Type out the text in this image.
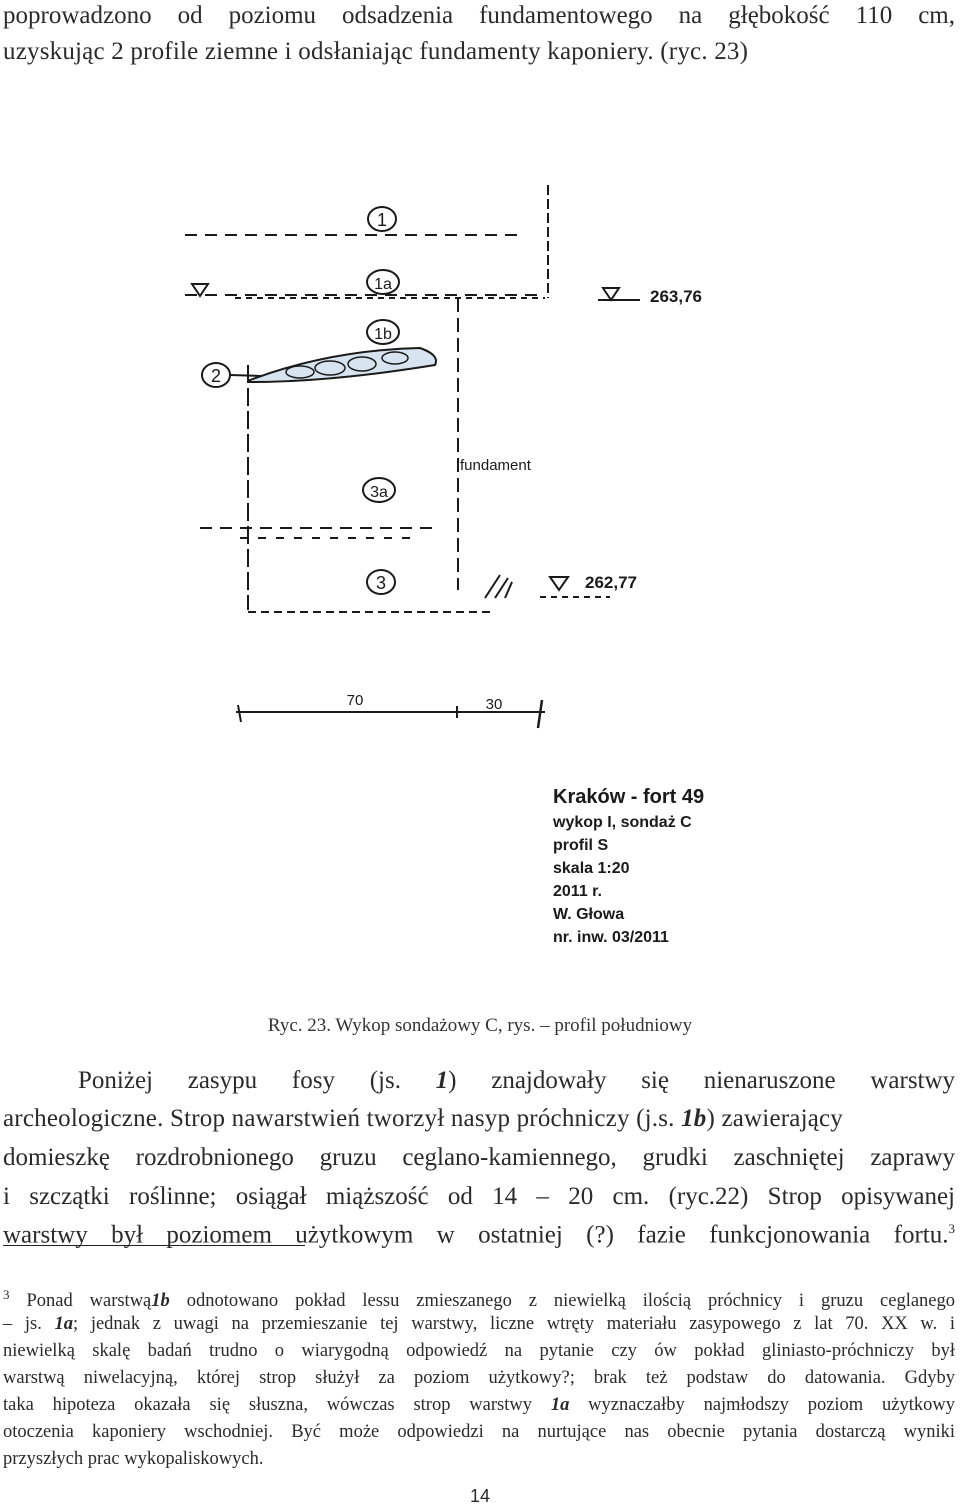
poprowadzono od poziomu odsadzenia fundamentowego na głębokość 110 cm,
uzyskując 2 profile ziemne i odsłaniając fundamenty kaponiery. (ryc. 23)
1
1a
1b
2
3a
3
263,76
262,77
fundament
70	30
Kraków - fort 49
wykop I, sondaż C
profil S
skala 1:20
2011 r.
W. Głowa
nr. inw. 03/2011
Ryc. 23. Wykop sondażowy C, rys. – profil południowy
Poniżej zasypu fosy (js. 1) znajdowały się nienaruszone warstwy
archeologiczne. Strop nawarstwień tworzył nasyp próchniczy (j.s. 1b) zawierający
domieszkę rozdrobnionego gruzu ceglano-kamiennego, grudki zaschniętej zaprawy
i szczątki roślinne; osiągał miąższość od 14 – 20 cm. (ryc.22) Strop opisywanej
warstwy był poziomem użytkowym w ostatniej (?) fazie funkcjonowania fortu.$^3$
$^3$ Ponad warstwą1b odnotowano pokład lessu zmieszanego z niewielką ilością próchnicy i gruzu ceglanego
– js. 1a; jednak z uwagi na przemieszanie tej warstwy, liczne wtręty materiału zasypowego z lat 70. XX w. i
niewielką skalę badań trudno o wiarygodną odpowiedź na pytanie czy ów pokład gliniasto-próchniczy był
warstwą niwelacyjną, której strop służył za poziom użytkowy?; brak też podstaw do datowania. Gdyby
taka hipoteza okazała się słuszna, wówczas strop warstwy 1a wyznaczałby najmłodszy poziom użytkowy
otoczenia kaponiery wschodniej. Być może odpowiedzi na nurtujące nas obecnie pytania dostarczą wyniki
przyszłych prac wykopaliskowych.
14
